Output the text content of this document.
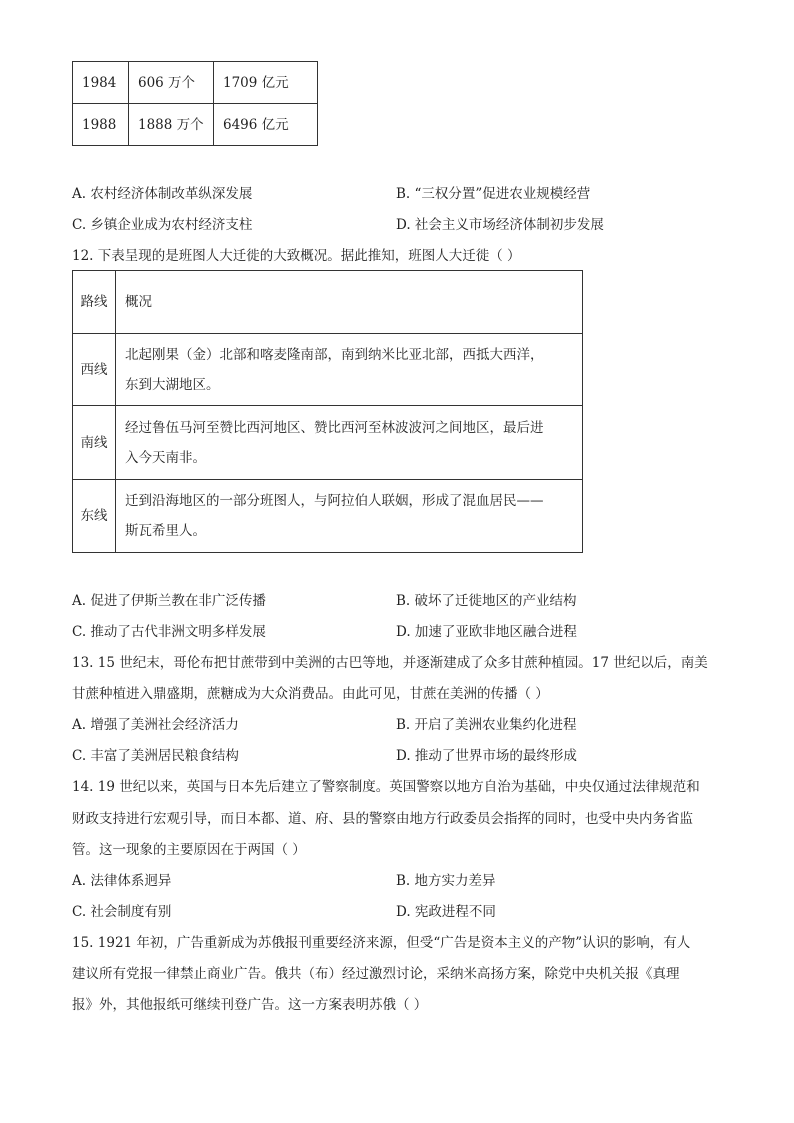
1984	606 万个	1709 亿元
1988	1888 万个	6496 亿元
A. 农村经济体制改革纵深发展	B. “三权分置”促进农业规模经营
C. 乡镇企业成为农村经济支柱	D. 社会主义市场经济体制初步发展
12. 下表呈现的是班图人大迁徙的大致概况。据此推知，班图人大迁徙（ ）
路线	概况
西线	北起刚果（金）北部和喀麦隆南部，南到纳米比亚北部，西抵大西洋，
东到大湖地区。

南线	经过鲁伍马河至赞比西河地区、赞比西河至林波波河之间地区，最后进
入今天南非。

东线	迁到沿海地区的一部分班图人，与阿拉伯人联姻，形成了混血居民——
斯瓦希里人。
A. 促进了伊斯兰教在非广泛传播	B. 破坏了迁徙地区的产业结构
C. 推动了古代非洲文明多样发展	D. 加速了亚欧非地区融合进程
13. 15 世纪末，哥伦布把甘蔗带到中美洲的古巴等地，并逐渐建成了众多甘蔗种植园。17 世纪以后，南美
甘蔗种植进入鼎盛期，蔗糖成为大众消费品。由此可见，甘蔗在美洲的传播（ ）
A. 增强了美洲社会经济活力	B. 开启了美洲农业集约化进程
C. 丰富了美洲居民粮食结构	D. 推动了世界市场的最终形成
14. 19 世纪以来，英国与日本先后建立了警察制度。英国警察以地方自治为基础，中央仅通过法律规范和
财政支持进行宏观引导，而日本都、道、府、县的警察由地方行政委员会指挥的同时，也受中央内务省监
管。这一现象的主要原因在于两国（ ）
A. 法律体系迥异	B. 地方实力差异
C. 社会制度有别	D. 宪政进程不同
15. 1921 年初，广告重新成为苏俄报刊重要经济来源，但受“广告是资本主义的产物”认识的影响，有人
建议所有党报一律禁止商业广告。俄共（布）经过激烈讨论，采纳米高扬方案，除党中央机关报《真理
报》外，其他报纸可继续刊登广告。这一方案表明苏俄（ ）
